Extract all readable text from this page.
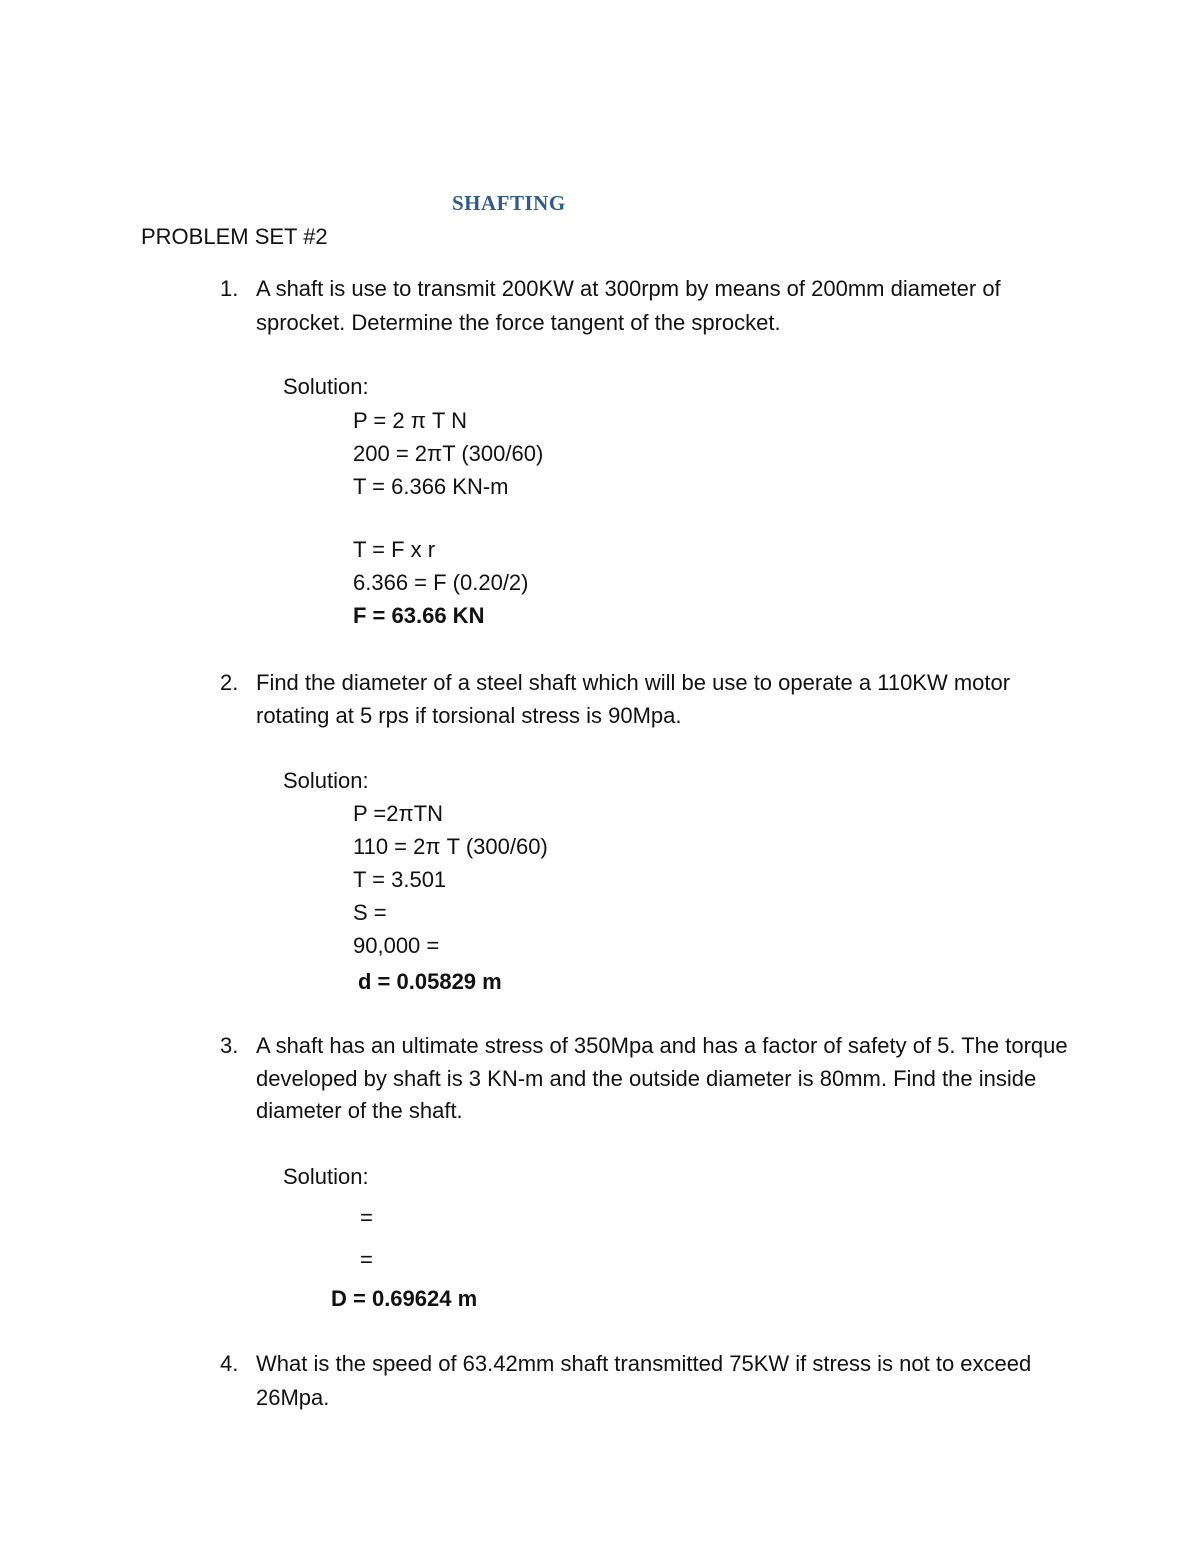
SHAFTING
PROBLEM SET #2
1. A shaft is use to transmit 200KW at 300rpm by means of 200mm diameter of
sprocket. Determine the force tangent of the sprocket.
Solution:
P = 2 π T N
200 = 2πT (300/60)
T = 6.366 KN-m
T = F x r
6.366 = F (0.20/2)
F = 63.66 KN
2. Find the diameter of a steel shaft which will be use to operate a 110KW motor
rotating at 5 rps if torsional stress is 90Mpa.
Solution:
P =2πTN
110 = 2π T (300/60)
T = 3.501
S =
90,000 =
d = 0.05829 m
3. A shaft has an ultimate stress of 350Mpa and has a factor of safety of 5. The torque
developed by shaft is 3 KN-m and the outside diameter is 80mm. Find the inside
diameter of the shaft.
Solution:
=
=
D = 0.69624 m
4. What is the speed of 63.42mm shaft transmitted 75KW if stress is not to exceed
26Mpa.
